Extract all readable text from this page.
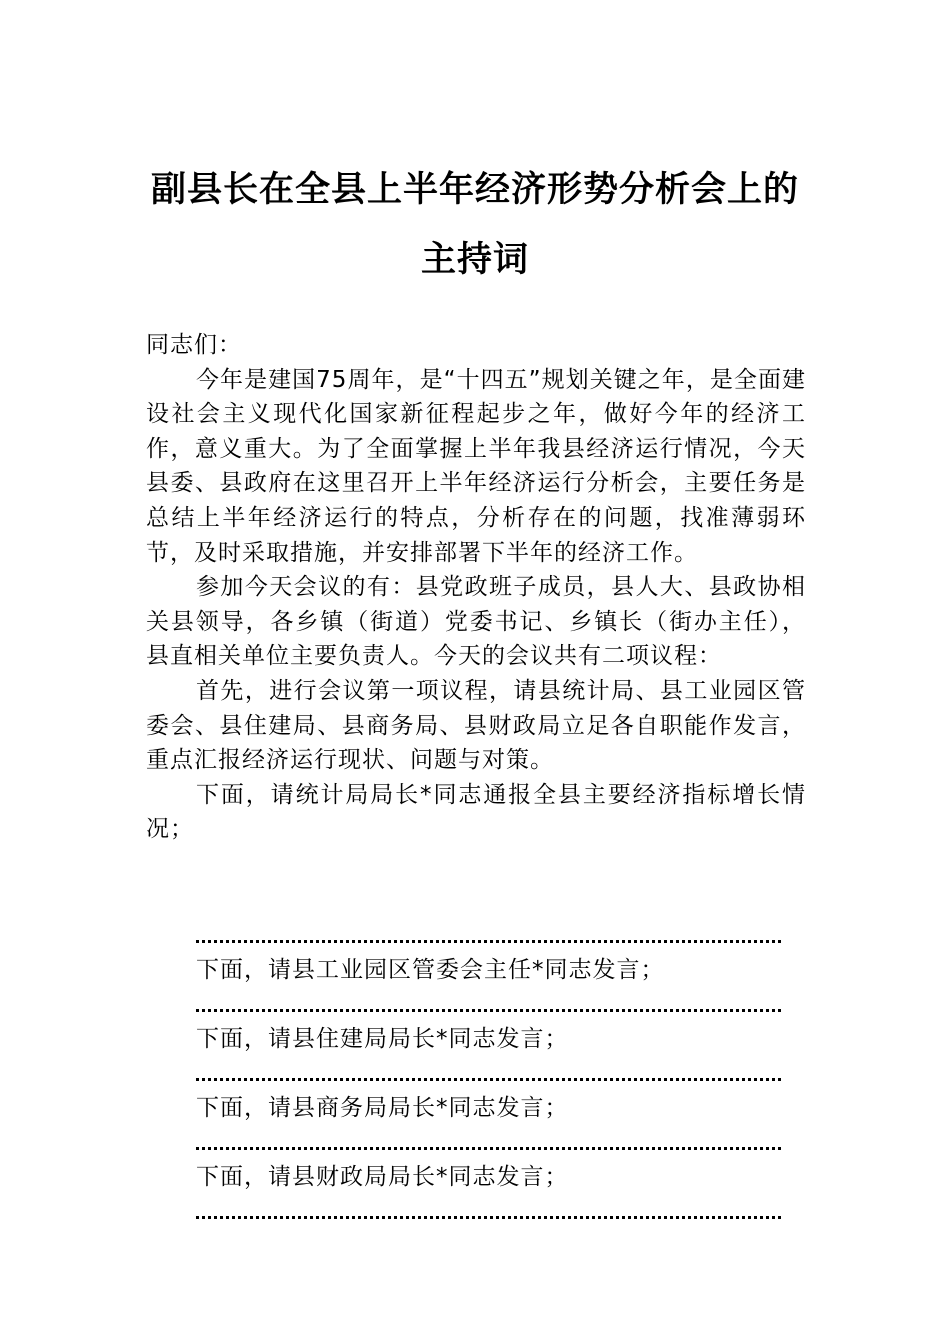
副县长在全县上半年经济形势分析会上的
主持词

同志们：

今年是建国75周年，是“十四五”规划关键之年，是全面建设社会主义现代化国家新征程起步之年，做好今年的经济工作，意义重大。为了全面掌握上半年我县经济运行情况，今天县委、县政府在这里召开上半年经济运行分析会，主要任务是总结上半年经济运行的特点，分析存在的问题，找准薄弱环节，及时采取措施，并安排部署下半年的经济工作。

参加今天会议的有：县党政班子成员，县人大、县政协相关县领导，各乡镇（街道）党委书记、乡镇长（街办主任），县直相关单位主要负责人。今天的会议共有二项议程：

首先，进行会议第一项议程，请县统计局、县工业园区管委会、县住建局、县商务局、县财政局立足各自职能作发言，重点汇报经济运行现状、问题与对策。

下面，请统计局局长*同志通报全县主要经济指标增长情况；

下面，请县工业园区管委会主任*同志发言；
下面，请县住建局局长*同志发言；
下面，请县商务局局长*同志发言；
下面，请县财政局局长*同志发言；
